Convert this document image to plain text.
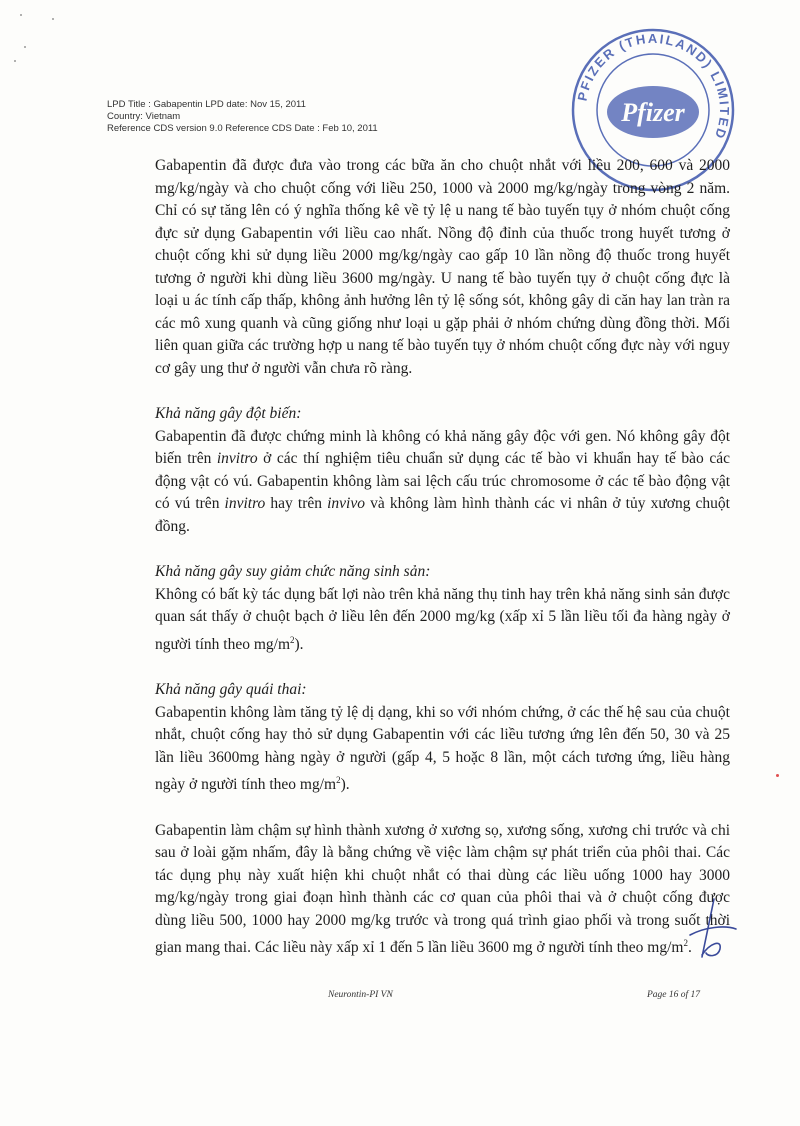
LPD Title : Gabapentin LPD date: Nov 15, 2011
Country: Vietnam
Reference CDS version 9.0 Reference CDS Date : Feb 10, 2011
PFIZER (THAILAND) LIMITED
Pfizer

Gabapentin đã được đưa vào trong các bữa ăn cho chuột nhắt với liều 200, 600 và 2000 mg/kg/ngày và cho chuột cống với liều 250, 1000 và 2000 mg/kg/ngày trong vòng 2 năm. Chỉ có sự tăng lên có ý nghĩa thống kê về tỷ lệ u nang tế bào tuyến tụy ở nhóm chuột cống đực sử dụng Gabapentin với liều cao nhất. Nồng độ đỉnh của thuốc trong huyết tương ở chuột cống khi sử dụng liều 2000 mg/kg/ngày cao gấp 10 lần nồng độ thuốc trong huyết tương ở người khi dùng liều 3600 mg/ngày. U nang tế bào tuyến tụy ở chuột cống đực là loại u ác tính cấp thấp, không ảnh hưởng lên tỷ lệ sống sót, không gây di căn hay lan tràn ra các mô xung quanh và cũng giống như loại u gặp phải ở nhóm chứng dùng đồng thời. Mối liên quan giữa các trường hợp u nang tế bào tuyến tụy ở nhóm chuột cống đực này với nguy cơ gây ung thư ở người vẫn chưa rõ ràng.

Khả năng gây đột biến:

Gabapentin đã được chứng minh là không có khả năng gây độc với gen. Nó không gây đột biến trên invitro ở các thí nghiệm tiêu chuẩn sử dụng các tế bào vi khuẩn hay tế bào các động vật có vú. Gabapentin không làm sai lệch cấu trúc chromosome ở các tế bào động vật có vú trên invitro hay trên invivo và không làm hình thành các vi nhân ở tủy xương chuột đồng.

Khả năng gây suy giảm chức năng sinh sản:

Không có bất kỳ tác dụng bất lợi nào trên khả năng thụ tinh hay trên khả năng sinh sản được quan sát thấy ở chuột bạch ở liều lên đến 2000 mg/kg (xấp xỉ 5 lần liều tối đa hàng ngày ở người tính theo $mg/m^2$).

Khả năng gây quái thai:

Gabapentin không làm tăng tỷ lệ dị dạng, khi so với nhóm chứng, ở các thế hệ sau của chuột nhắt, chuột cống hay thỏ sử dụng Gabapentin với các liều tương ứng lên đến 50, 30 và 25 lần liều 3600mg hàng ngày ở người (gấp 4, 5 hoặc 8 lần, một cách tương ứng, liều hàng ngày ở người tính theo $mg/m^2$).

Gabapentin làm chậm sự hình thành xương ở xương sọ, xương sống, xương chi trước và chi sau ở loài gặm nhấm, đây là bằng chứng về việc làm chậm sự phát triển của phôi thai. Các tác dụng phụ này xuất hiện khi chuột nhắt có thai dùng các liều uống 1000 hay 3000 mg/kg/ngày trong giai đoạn hình thành các cơ quan của phôi thai và ở chuột cống được dùng liều 500, 1000 hay 2000 mg/kg trước và trong quá trình giao phối và trong suốt thời gian mang thai. Các liều này xấp xỉ 1 đến 5 lần liều 3600 mg ở người tính theo $mg/m^2$.

Neurontin-PI VN	Page 16 of 17
